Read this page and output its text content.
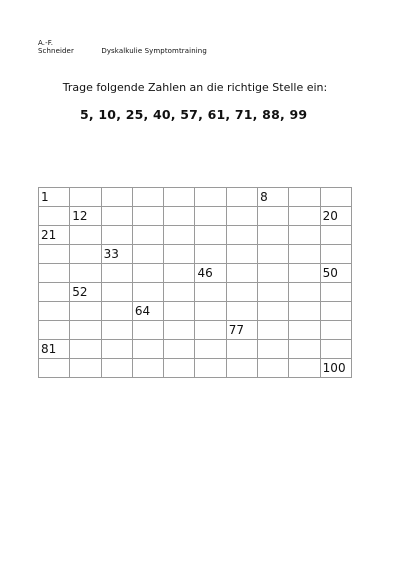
A.-F. Schneider	Dyskalkulie Symptomtraining
Trage folgende Zahlen an die richtige Stelle ein:
5, 10, 25, 40, 57, 61, 71, 88, 99
1							8		
	12								20
21									
		33							
					46				50
	52								
			64						
						77			
81									
									100
